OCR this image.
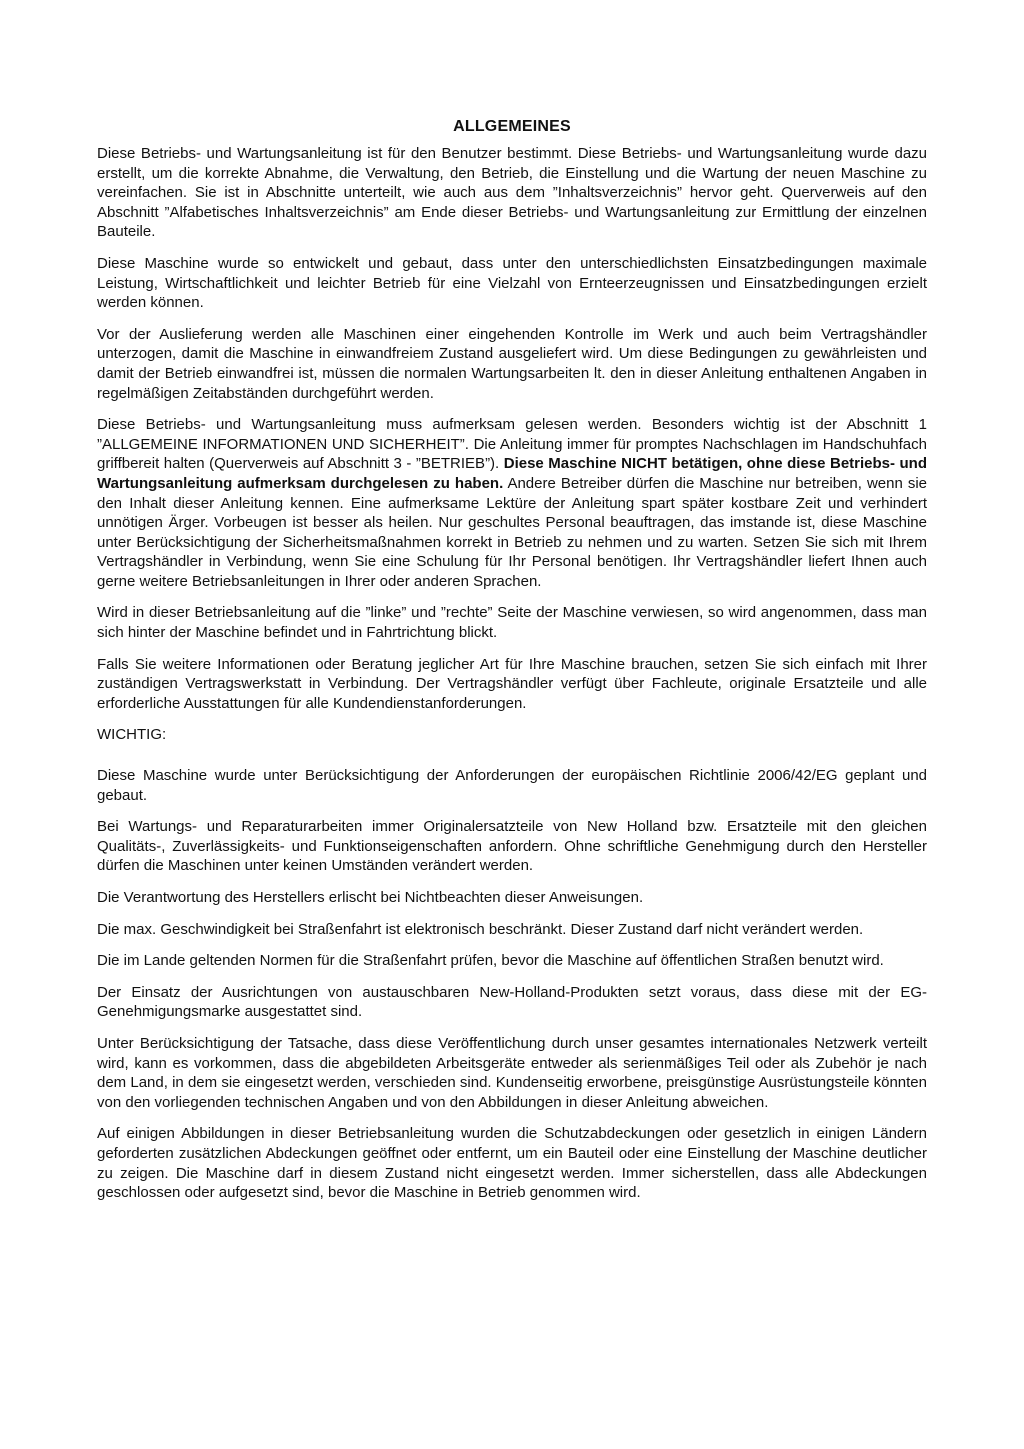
ALLGEMEINES

Diese Betriebs- und Wartungsanleitung ist für den Benutzer bestimmt. Diese Betriebs- und Wartungsanleitung wurde dazu erstellt, um die korrekte Abnahme, die Verwaltung, den Betrieb, die Einstellung und die Wartung der neuen Maschine zu vereinfachen. Sie ist in Abschnitte unterteilt, wie auch aus dem ”Inhaltsverzeichnis” hervor geht. Querverweis auf den Abschnitt ”Alfabetisches Inhaltsverzeichnis” am Ende dieser Betriebs- und Wartungsanleitung zur Ermittlung der einzelnen Bauteile.

Diese Maschine wurde so entwickelt und gebaut, dass unter den unterschiedlichsten Einsatzbedingungen maximale Leistung, Wirtschaftlichkeit und leichter Betrieb für eine Vielzahl von Ernteerzeugnissen und Einsatzbedingungen erzielt werden können.

Vor der Auslieferung werden alle Maschinen einer eingehenden Kontrolle im Werk und auch beim Vertragshändler unterzogen, damit die Maschine in einwandfreiem Zustand ausgeliefert wird. Um diese Bedingungen zu gewährleisten und damit der Betrieb einwandfrei ist, müssen die normalen Wartungsarbeiten lt. den in dieser Anleitung enthaltenen Angaben in regelmäßigen Zeitabständen durchgeführt werden.

Diese Betriebs- und Wartungsanleitung muss aufmerksam gelesen werden. Besonders wichtig ist der Abschnitt 1 ”ALLGEMEINE INFORMATIONEN UND SICHERHEIT”. Die Anleitung immer für promptes Nachschlagen im Handschuhfach griffbereit halten (Querverweis auf Abschnitt 3 - ”BETRIEB”). Diese Maschine NICHT betätigen, ohne diese Betriebs- und Wartungsanleitung aufmerksam durchgelesen zu haben. Andere Betreiber dürfen die Maschine nur betreiben, wenn sie den Inhalt dieser Anleitung kennen. Eine aufmerksame Lektüre der Anleitung spart später kostbare Zeit und verhindert unnötigen Ärger. Vorbeugen ist besser als heilen. Nur geschultes Personal beauftragen, das imstande ist, diese Maschine unter Berücksichtigung der Sicherheitsmaßnahmen korrekt in Betrieb zu nehmen und zu warten. Setzen Sie sich mit Ihrem Vertragshändler in Verbindung, wenn Sie eine Schulung für Ihr Personal benötigen. Ihr Vertragshändler liefert Ihnen auch gerne weitere Betriebsanleitungen in Ihrer oder anderen Sprachen.

Wird in dieser Betriebsanleitung auf die ”linke” und ”rechte” Seite der Maschine verwiesen, so wird angenommen, dass man sich hinter der Maschine befindet und in Fahrtrichtung blickt.

Falls Sie weitere Informationen oder Beratung jeglicher Art für Ihre Maschine brauchen, setzen Sie sich einfach mit Ihrer zuständigen Vertragswerkstatt in Verbindung. Der Vertragshändler verfügt über Fachleute, originale Ersatzteile und alle erforderliche Ausstattungen für alle Kundendienstanforderungen.

WICHTIG:

Diese Maschine wurde unter Berücksichtigung der Anforderungen der europäischen Richtlinie 2006/42/EG geplant und gebaut.

Bei Wartungs- und Reparaturarbeiten immer Originalersatzteile von New Holland bzw. Ersatzteile mit den gleichen Qualitäts-, Zuverlässigkeits- und Funktionseigenschaften anfordern. Ohne schriftliche Genehmigung durch den Hersteller dürfen die Maschinen unter keinen Umständen verändert werden.

Die Verantwortung des Herstellers erlischt bei Nichtbeachten dieser Anweisungen.

Die max. Geschwindigkeit bei Straßenfahrt ist elektronisch beschränkt. Dieser Zustand darf nicht verändert werden.

Die im Lande geltenden Normen für die Straßenfahrt prüfen, bevor die Maschine auf öffentlichen Straßen benutzt wird.

Der Einsatz der Ausrichtungen von austauschbaren New-Holland-Produkten setzt voraus, dass diese mit der EG-Genehmigungsmarke ausgestattet sind.

Unter Berücksichtigung der Tatsache, dass diese Veröffentlichung durch unser gesamtes internationales Netzwerk verteilt wird, kann es vorkommen, dass die abgebildeten Arbeitsgeräte entweder als serienmäßiges Teil oder als Zubehör je nach dem Land, in dem sie eingesetzt werden, verschieden sind. Kundenseitig erworbene, preisgünstige Ausrüstungsteile könnten von den vorliegenden technischen Angaben und von den Abbildungen in dieser Anleitung abweichen.

Auf einigen Abbildungen in dieser Betriebsanleitung wurden die Schutzabdeckungen oder gesetzlich in einigen Ländern geforderten zusätzlichen Abdeckungen geöffnet oder entfernt, um ein Bauteil oder eine Einstellung der Maschine deutlicher zu zeigen. Die Maschine darf in diesem Zustand nicht eingesetzt werden. Immer sicherstellen, dass alle Abdeckungen geschlossen oder aufgesetzt sind, bevor die Maschine in Betrieb genommen wird.
